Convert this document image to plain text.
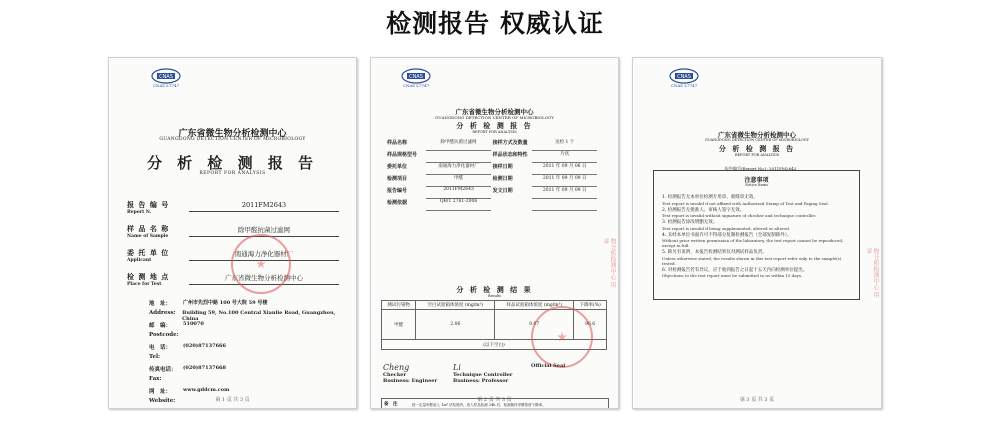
检测报告 权威认证
CNAS
CNAS L7747
广东省微生物分析检测中心
GUANGDONG DETECTION CENTER OF MICROBIOLOGY
分 析 检 测 报 告
REPORT FOR ANALYSIS
报 告 编 号
Report N.
2011FM2643
样 品 名 称
Name of Sample
除甲醛抗菌过滤网
委 托 单 位
Applicant
南通海力净化器材厂
检 测 地 点
Place for Test
广东省微生物分析检测中心
地　址：	广州市先烈中路 100 号大院 59 号楼
Address:	Building 59, No.100 Central Xianlie Road, Guangzhou, China
邮　编：	510070
Postcode:
电　话：	(020)87137666
Tel:
传真电话：	(020)87137668
Fax:
网　址：	www.gddcm.com
Website:	第 1 页 共 3 页
CNAS
CNAS L7747
广东省微生物分析检测中心
GUANGDONG DETECTION CENTER OF MICROBIOLOGY
分 析 检 测 报 告
REPORT FOR ANALYSIS
样品名称	除甲醛抗菌过滤网	接样方式及数量	送检 1 个
样品规格型号		样品状态和特性	片状
委托单位	南通海力净化器材厂	接样日期	2011 年 09 月 06 日
检测项目	甲醛	检测日期	2011 年 09 月 09 日
报告编号	2011FM2643	发文日期	2011 年 09 月 09 日
检测依据	QB/T 2761-2006		
分 析 检 测 结 果
Results
测试污染物	空白试验箱体浓度 (mg/m³)	样品试验箱体浓度 (mg/m³)	下降率(%)
甲醛	2.06	0.07	96.6
(以下空白)			
物分析检测中心 用章
Cheng
Checker
Business: Engineer
Li
Technique Controller
Business: Professor
Official Seal
备　注	按一定量甲醛溶入 1m³ 试验箱内，放入样品检测 24h 后，检测箱体甲醛浓度下降率。
第 2 页 共 3 页
CNAS
CNAS L7747
广东省微生物分析检测中心
GUANGDONG DETECTION CENTER OF MICROBIOLOGY
分 析 检 测 报 告
REPORT FOR ANALYSIS
报告编号(Report No.): 2011FM2643
注意事项
Notice Items
1. 检测报告无本单位检测专用章、骑缝章无效。
Test report is invalid if not affixed with Authorized Stamp of Test and Paging Seal.
2. 检测报告无批准人、审核人签字无效。
Test report is invalid without signature of checker and technique controller.
3. 检测报告涂改增删无效。
Test report is invalid if being supplemented, altered or altered.
4. 未经本单位书面许可不得部分复制检测报告（全部复制除外）。
Without prior written permission of the laboratory, the test report cannot be reproduced, except in full.
5. 除另有说明，本报告检测结果仅对测试样品负责。
Unless otherwise stated, the results shown in this test report refer only to the sample(s) tested.
6. 对检测报告若有异议，应于收到报告之日起十五天内向检测单位提出。
Objections to the test report must be submitted to us within 15 days.	物分析检测中心 用章
第 3 页 共 3 页
